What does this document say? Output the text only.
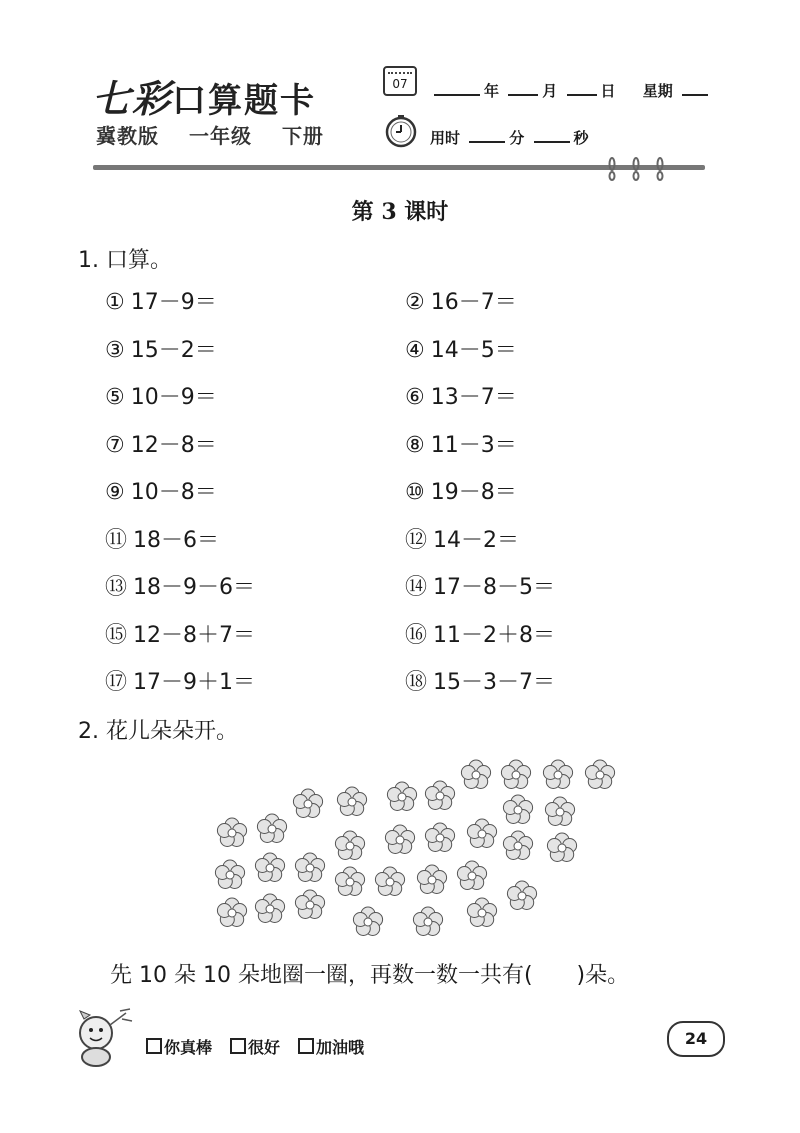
七彩口算题卡
冀教版 一年级 下册
07	年	月	日 星期
用时	分	秒
第 3 课时
1. 口算。
① 17－9＝	② 16－7＝
③ 15－2＝	④ 14－5＝
⑤ 10－9＝	⑥ 13－7＝
⑦ 12－8＝	⑧ 11－3＝
⑨ 10－8＝	⑩ 19－8＝
⑪ 18－6＝	⑫ 14－2＝
⑬ 18－9－6＝	⑭ 17－8－5＝
⑮ 12－8＋7＝	⑯ 11－2＋8＝
⑰ 17－9＋1＝	⑱ 15－3－7＝
2. 花儿朵朵开。
先 10 朵 10 朵地圈一圈，再数一数一共有(　　)朵。
你真棒 很好 加油哦	24
